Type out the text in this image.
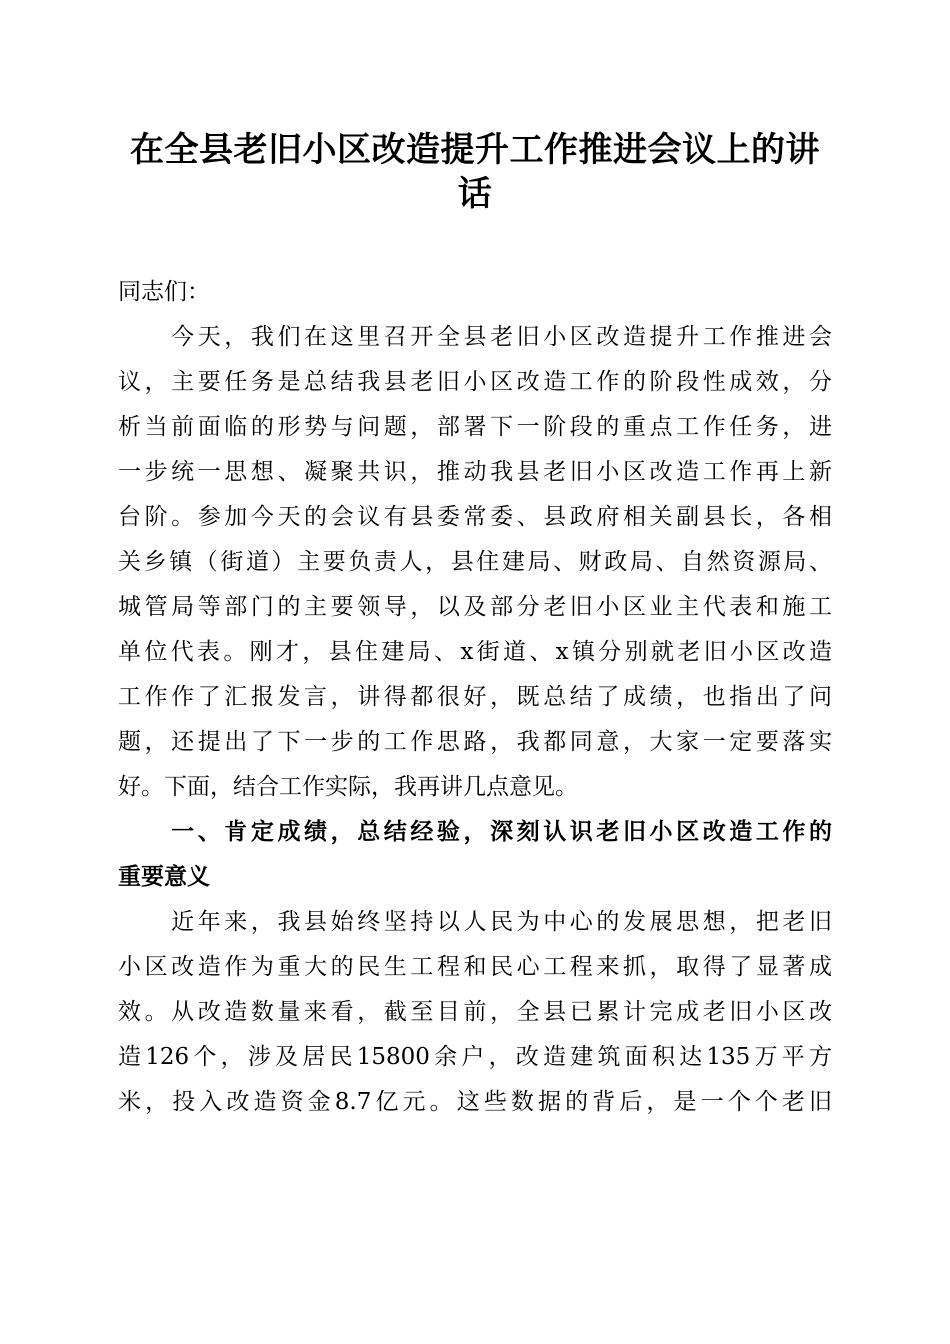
在全县老旧小区改造提升工作推进会议上的讲话
同志们：
　　今天，我们在这里召开全县老旧小区改造提升工作推进会
议，主要任务是总结我县老旧小区改造工作的阶段性成效，分
析当前面临的形势与问题，部署下一阶段的重点工作任务，进
一步统一思想、凝聚共识，推动我县老旧小区改造工作再上新
台阶。参加今天的会议有县委常委、县政府相关副县长，各相
关乡镇（街道）主要负责人，县住建局、财政局、自然资源局、
城管局等部门的主要领导，以及部分老旧小区业主代表和施工
单位代表。刚才，县住建局、x街道、x镇分别就老旧小区改造
工作作了汇报发言，讲得都很好，既总结了成绩，也指出了问
题，还提出了下一步的工作思路，我都同意，大家一定要落实
好。下面，结合工作实际，我再讲几点意见。
　　一、肯定成绩，总结经验，深刻认识老旧小区改造工作的
重要意义
　　近年来，我县始终坚持以人民为中心的发展思想，把老旧
小区改造作为重大的民生工程和民心工程来抓，取得了显著成
效。从改造数量来看，截至目前，全县已累计完成老旧小区改
造126个，涉及居民15800余户，改造建筑面积达135万平方
米，投入改造资金8.7亿元。这些数据的背后，是一个个老旧
